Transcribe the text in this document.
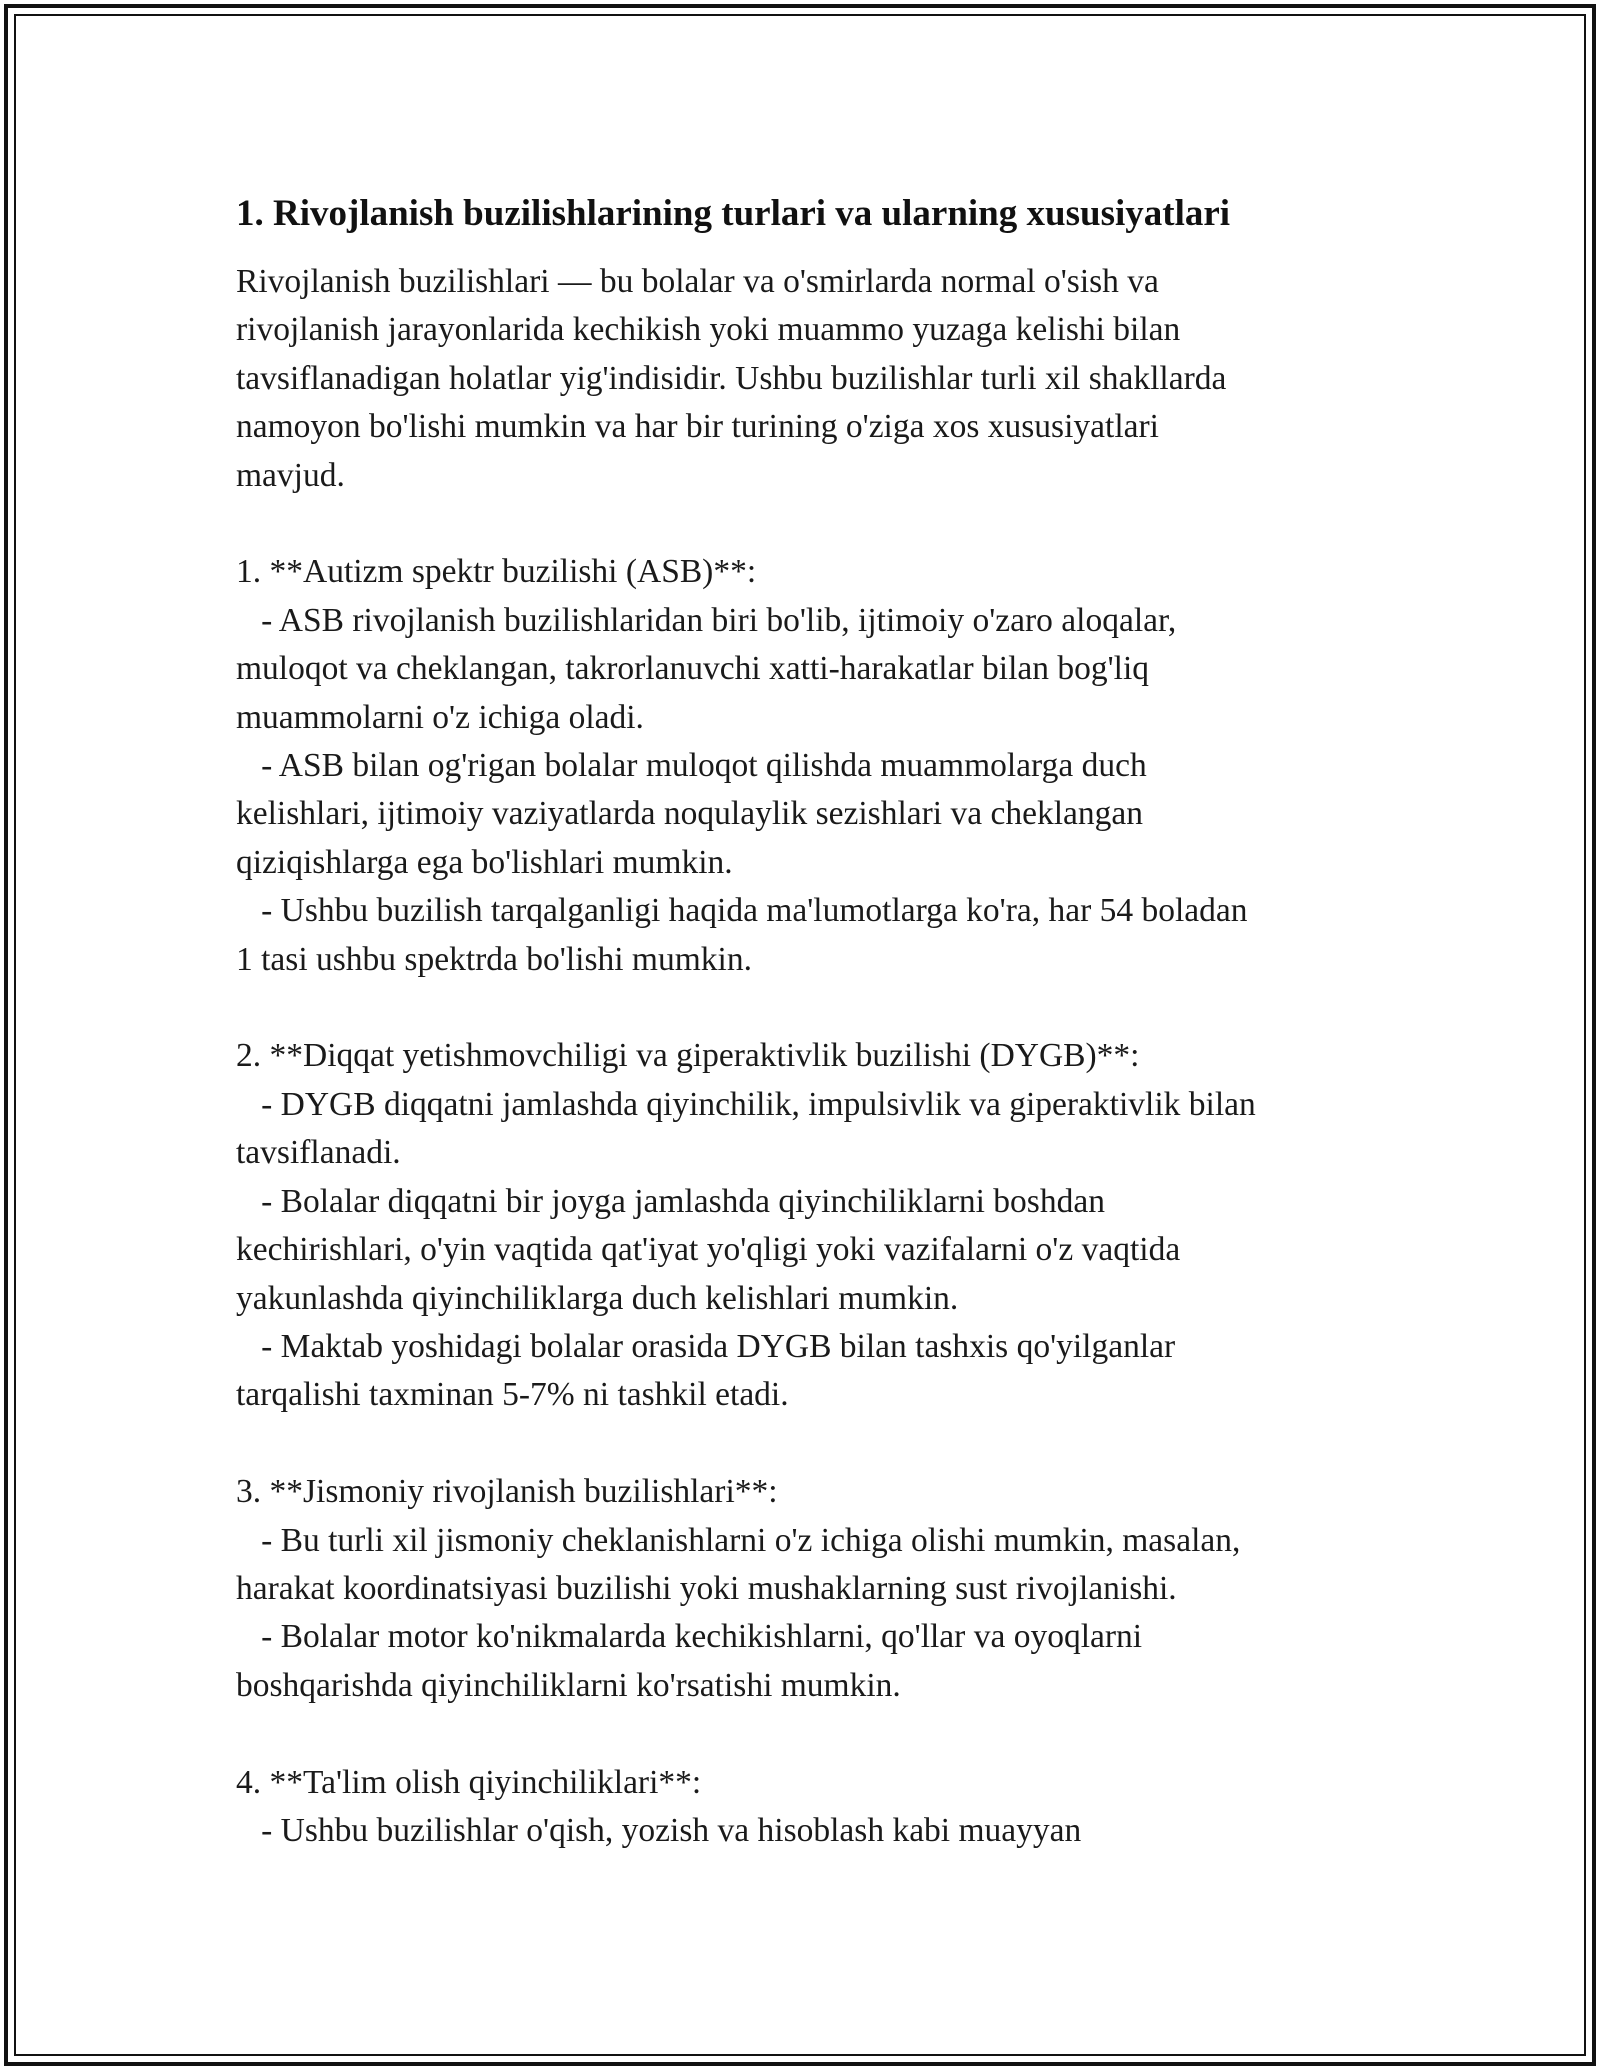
1. Rivojlanish buzilishlarining turlari va ularning xususiyatlari
Rivojlanish buzilishlari — bu bolalar va o'smirlarda normal o'sish va
rivojlanish jarayonlarida kechikish yoki muammo yuzaga kelishi bilan
tavsiflanadigan holatlar yig'indisidir. Ushbu buzilishlar turli xil shakllarda
namoyon bo'lishi mumkin va har bir turining o'ziga xos xususiyatlari
mavjud.
1. **Autizm spektr buzilishi (ASB)**:
- ASB rivojlanish buzilishlaridan biri bo'lib, ijtimoiy o'zaro aloqalar,
muloqot va cheklangan, takrorlanuvchi xatti-harakatlar bilan bog'liq
muammolarni o'z ichiga oladi.
- ASB bilan og'rigan bolalar muloqot qilishda muammolarga duch
kelishlari, ijtimoiy vaziyatlarda noqulaylik sezishlari va cheklangan
qiziqishlarga ega bo'lishlari mumkin.
- Ushbu buzilish tarqalganligi haqida ma'lumotlarga ko'ra, har 54 boladan
1 tasi ushbu spektrda bo'lishi mumkin.
2. **Diqqat yetishmovchiligi va giperaktivlik buzilishi (DYGB)**:
- DYGB diqqatni jamlashda qiyinchilik, impulsivlik va giperaktivlik bilan
tavsiflanadi.
- Bolalar diqqatni bir joyga jamlashda qiyinchiliklarni boshdan
kechirishlari, o'yin vaqtida qat'iyat yo'qligi yoki vazifalarni o'z vaqtida
yakunlashda qiyinchiliklarga duch kelishlari mumkin.
- Maktab yoshidagi bolalar orasida DYGB bilan tashxis qo'yilganlar
tarqalishi taxminan 5-7% ni tashkil etadi.
3. **Jismoniy rivojlanish buzilishlari**:
- Bu turli xil jismoniy cheklanishlarni o'z ichiga olishi mumkin, masalan,
harakat koordinatsiyasi buzilishi yoki mushaklarning sust rivojlanishi.
- Bolalar motor ko'nikmalarda kechikishlarni, qo'llar va oyoqlarni
boshqarishda qiyinchiliklarni ko'rsatishi mumkin.
4. **Ta'lim olish qiyinchiliklari**:
- Ushbu buzilishlar o'qish, yozish va hisoblash kabi muayyan
